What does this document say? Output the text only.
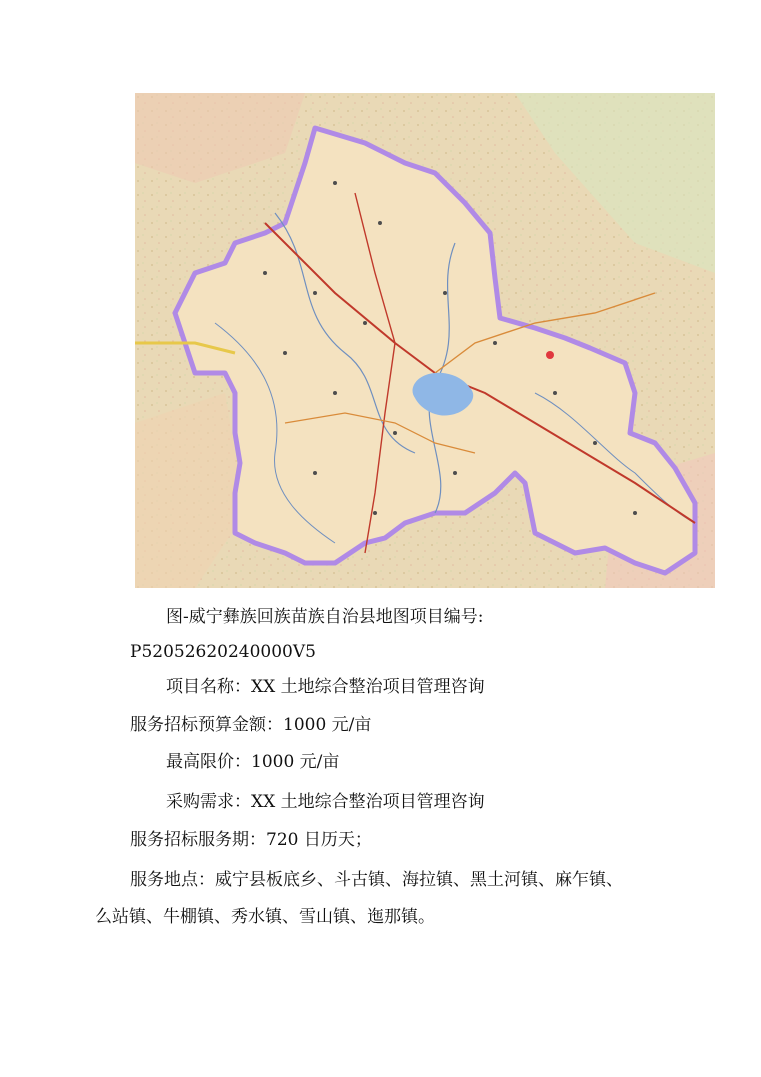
图-威宁彝族回族苗族自治县地图项目编号:
P52052620240000V5
项目名称：XX 土地综合整治项目管理咨询
服务招标预算金额：1000 元/亩
最高限价：1000 元/亩
采购需求：XX 土地综合整治项目管理咨询
服务招标服务期：720 日历天；
服务地点：威宁县板底乡、斗古镇、海拉镇、黑土河镇、麻乍镇、
么站镇、牛棚镇、秀水镇、雪山镇、迤那镇。
